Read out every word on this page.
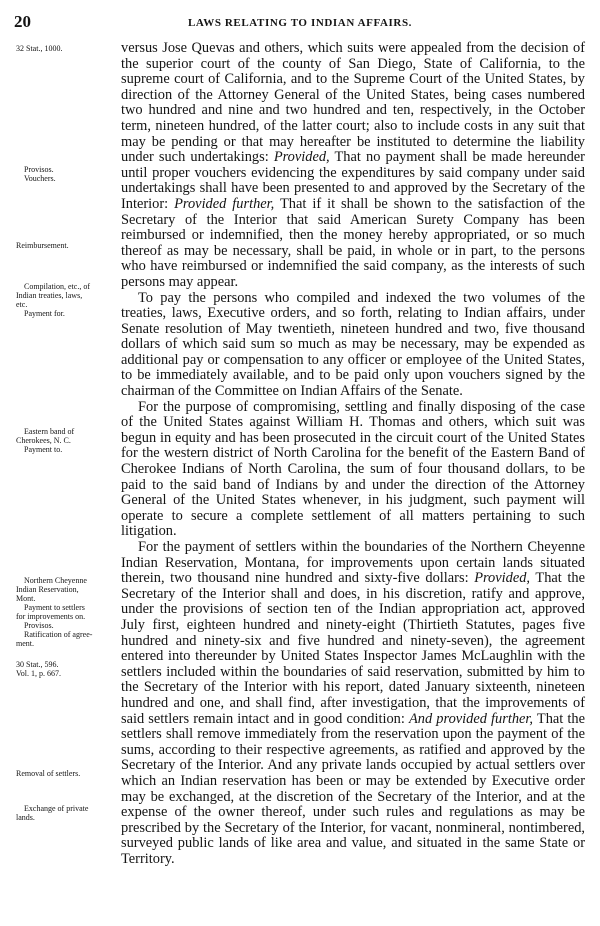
20	LAWS RELATING TO INDIAN AFFAIRS.

32 Stat., 1000.

Provisos.
Vouchers.

Reimbursement.

Compilation, etc., of
Indian treaties, laws,
etc.
Payment for.

Eastern band of
Cherokees, N. C.
Payment to.

Northern Cheyenne
Indian Reservation,
Mont.
Payment to settlers
for improvements on.
Provisos.
Ratification of agree-
ment.

30 Stat., 596.
Vol. 1, p. 667.

Removal of settlers.

Exchange of private
lands.

versus Jose Quevas and others, which suits were appealed from the decision of the superior court of the county of San Diego, State of California, to the supreme court of California, and to the Supreme Court of the United States, by direction of the Attorney General of the United States, being cases numbered two hundred and nine and two hundred and ten, respectively, in the October term, nineteen hundred, of the latter court; also to include costs in any suit that may be pending or that may hereafter be instituted to determine the liability under such undertakings: Provided, That no payment shall be made hereunder until proper vouchers evidencing the expenditures by said company under said undertakings shall have been presented to and approved by the Secretary of the Interior: Provided further, That if it shall be shown to the satisfaction of the Secretary of the Interior that said American Surety Company has been reimbursed or indemnified, then the money hereby appropriated, or so much thereof as may be necessary, shall be paid, in whole or in part, to the persons who have reimbursed or indemnified the said company, as the interests of such persons may appear.

To pay the persons who compiled and indexed the two volumes of the treaties, laws, Executive orders, and so forth, relating to Indian affairs, under Senate resolution of May twentieth, nineteen hundred and two, five thousand dollars of which said sum so much as may be necessary, may be expended as additional pay or compensation to any officer or employee of the United States, to be immediately available, and to be paid only upon vouchers signed by the chairman of the Committee on Indian Affairs of the Senate.

For the purpose of compromising, settling and finally disposing of the case of the United States against William H. Thomas and others, which suit was begun in equity and has been prosecuted in the circuit court of the United States for the western district of North Carolina for the benefit of the Eastern Band of Cherokee Indians of North Carolina, the sum of four thousand dollars, to be paid to the said band of Indians by and under the direction of the Attorney General of the United States whenever, in his judgment, such payment will operate to secure a complete settlement of all matters pertaining to such litigation.

For the payment of settlers within the boundaries of the Northern Cheyenne Indian Reservation, Montana, for improvements upon certain lands situated therein, two thousand nine hundred and sixty-five dollars: Provided, That the Secretary of the Interior shall and does, in his discretion, ratify and approve, under the provisions of section ten of the Indian appropriation act, approved July first, eighteen hundred and ninety-eight (Thirtieth Statutes, pages five hundred and ninety-six and five hundred and ninety-seven), the agreement entered into thereunder by United States Inspector James McLaughlin with the settlers included within the boundaries of said reservation, submitted by him to the Secretary of the Interior with his report, dated January sixteenth, nineteen hundred and one, and shall find, after investigation, that the improvements of said settlers remain intact and in good condition: And provided further, That the settlers shall remove immediately from the reservation upon the payment of the sums, according to their respective agreements, as ratified and approved by the Secretary of the Interior. And any private lands occupied by actual settlers over which an Indian reservation has been or may be extended by Executive order may be exchanged, at the discretion of the Secretary of the Interior, and at the expense of the owner thereof, under such rules and regulations as may be prescribed by the Secretary of the Interior, for vacant, nonmineral, nontimbered, surveyed public lands of like area and value, and situated in the same State or Territory.
